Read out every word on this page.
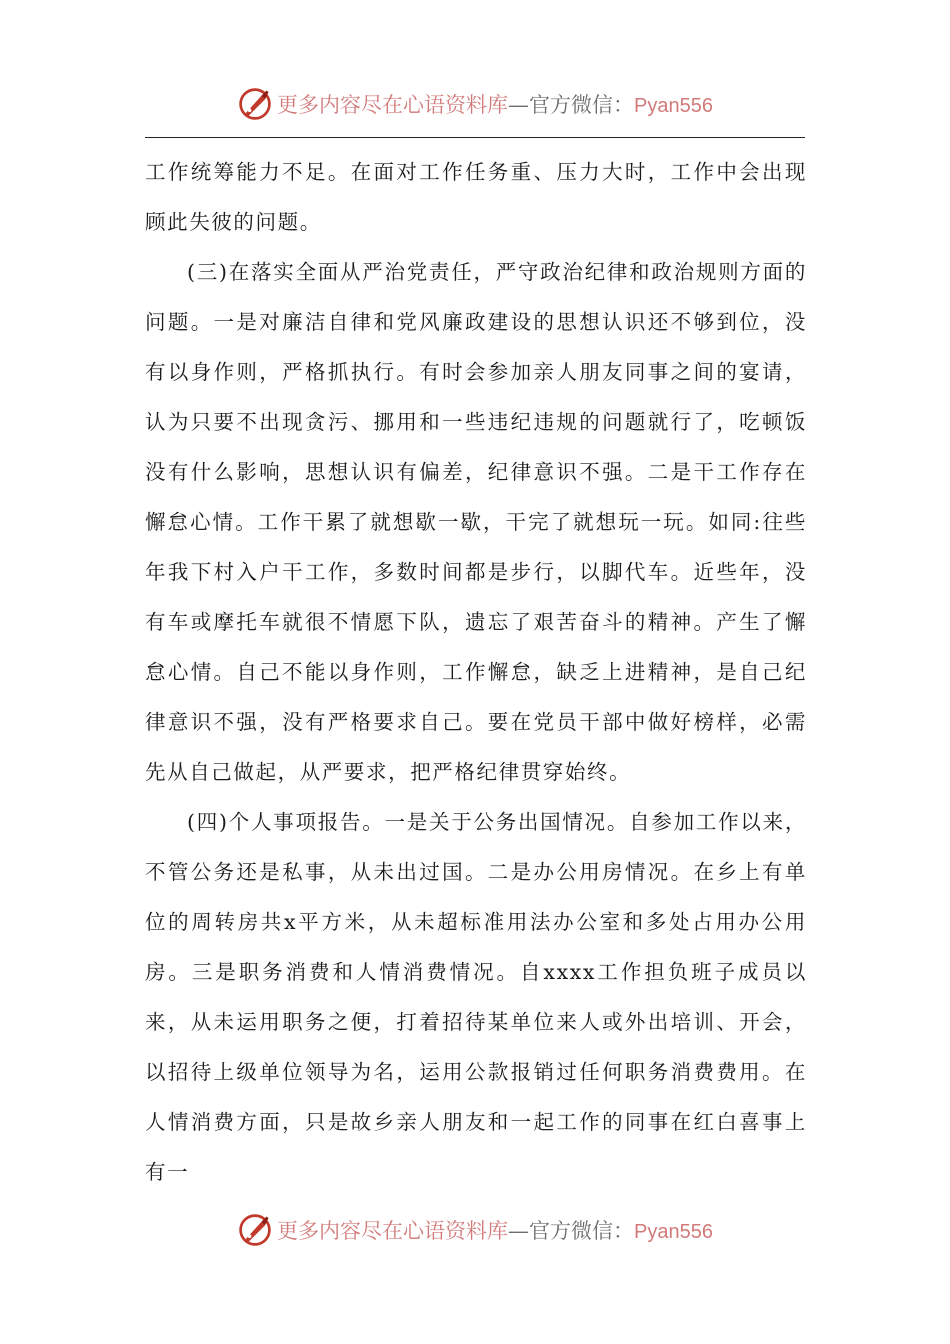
更多内容尽在心语资料库—官方微信：Pyan556

工作统筹能力不足。在面对工作任务重、压力大时，工作中会出现顾此失彼的问题。

(三)在落实全面从严治党责任，严守政治纪律和政治规则方面的问题。一是对廉洁自律和党风廉政建设的思想认识还不够到位，没有以身作则，严格抓执行。有时会参加亲人朋友同事之间的宴请，认为只要不出现贪污、挪用和一些违纪违规的问题就行了，吃顿饭没有什么影响，思想认识有偏差，纪律意识不强。二是干工作存在懈怠心情。工作干累了就想歇一歇，干完了就想玩一玩。如同:往些年我下村入户干工作，多数时间都是步行，以脚代车。近些年，没有车或摩托车就很不情愿下队，遗忘了艰苦奋斗的精神。产生了懈怠心情。自己不能以身作则，工作懈怠，缺乏上进精神，是自己纪律意识不强，没有严格要求自己。要在党员干部中做好榜样，必需先从自己做起，从严要求，把严格纪律贯穿始终。

(四)个人事项报告。一是关于公务出国情况。自参加工作以来，不管公务还是私事，从未出过国。二是办公用房情况。在乡上有单位的周转房共x平方米，从未超标准用法办公室和多处占用办公用房。三是职务消费和人情消费情况。自xxxx工作担负班子成员以来，从未运用职务之便，打着招待某单位来人或外出培训、开会，以招待上级单位领导为名，运用公款报销过任何职务消费费用。在人情消费方面，只是故乡亲人朋友和一起工作的同事在红白喜事上有一

更多内容尽在心语资料库—官方微信：Pyan556
